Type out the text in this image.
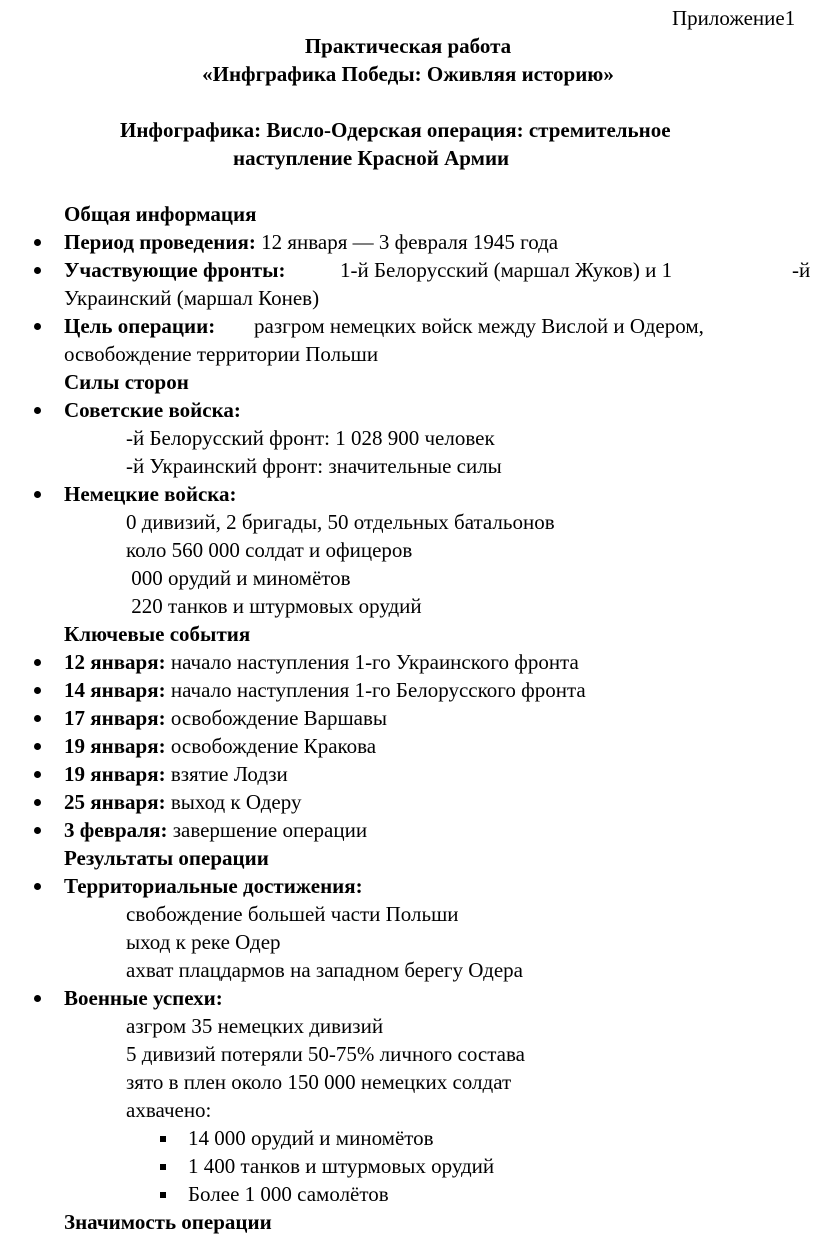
Приложение1
Практическая работа
«Инфграфика Победы: Оживляя историю»
Инфографика: Висло-Одерская операция: стремительное
наступление Красной Армии
Общая информация
Период проведения: 12 января — 3 февраля 1945 года
Участвующие фронты:	1-й Белорусский (маршал Жуков) и 1	-й
Украинский (маршал Конев)
Цель операции: разгром немецких войск между Вислой и Одером,
освобождение территории Польши
Силы сторон
Советские войска:
-й Белорусский фронт: 1 028 900 человек
-й Украинский фронт: значительные силы
Немецкие войска:
0 дивизий, 2 бригады, 50 отдельных батальонов
коло 560 000 солдат и офицеров
000 орудий и миномётов
220 танков и штурмовых орудий
Ключевые события
12 января: начало наступления 1-го Украинского фронта
14 января: начало наступления 1-го Белорусского фронта
17 января: освобождение Варшавы
19 января: освобождение Кракова
19 января: взятие Лодзи
25 января: выход к Одеру
3 февраля: завершение операции
Результаты операции
Территориальные достижения:
свобождение большей части Польши
ыход к реке Одер
ахват плацдармов на западном берегу Одера
Военные успехи:
азгром 35 немецких дивизий
5 дивизий потеряли 50-75% личного состава
зято в плен около 150 000 немецких солдат
ахвачено:
14 000 орудий и миномётов
1 400 танков и штурмовых орудий
Более 1 000 самолётов
Значимость операции
